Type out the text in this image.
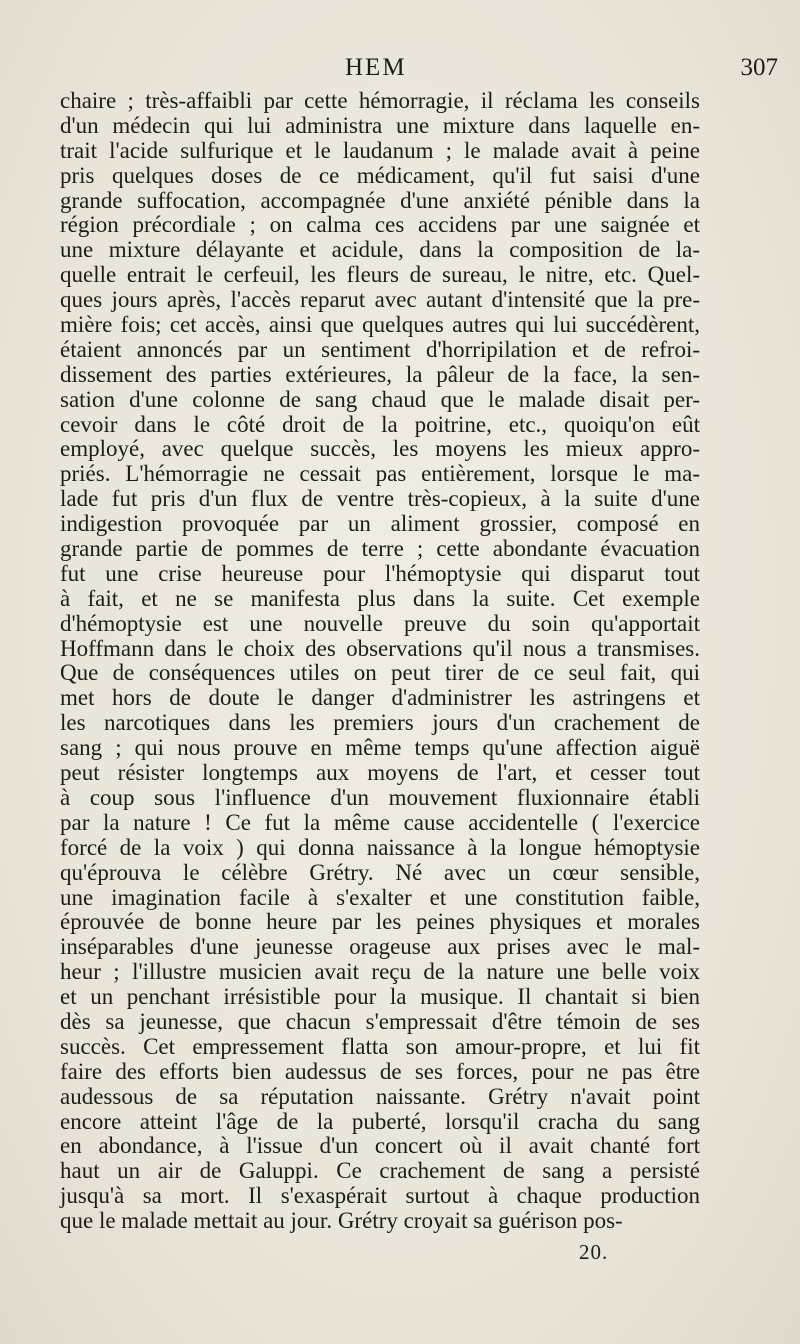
HEM	307
chaire ; très-affaibli par cette hémorragie, il réclama les conseils
d'un médecin qui lui administra une mixture dans laquelle en-
trait l'acide sulfurique et le laudanum ; le malade avait à peine
pris quelques doses de ce médicament, qu'il fut saisi d'une
grande suffocation, accompagnée d'une anxiété pénible dans la
région précordiale ; on calma ces accidens par une saignée et
une mixture délayante et acidule, dans la composition de la-
quelle entrait le cerfeuil, les fleurs de sureau, le nitre, etc. Quel-
ques jours après, l'accès reparut avec autant d'intensité que la pre-
mière fois; cet accès, ainsi que quelques autres qui lui succédèrent,
étaient annoncés par un sentiment d'horripilation et de refroi-
dissement des parties extérieures, la pâleur de la face, la sen-
sation d'une colonne de sang chaud que le malade disait per-
cevoir dans le côté droit de la poitrine, etc., quoiqu'on eût
employé, avec quelque succès, les moyens les mieux appro-
priés. L'hémorragie ne cessait pas entièrement, lorsque le ma-
lade fut pris d'un flux de ventre très-copieux, à la suite d'une
indigestion provoquée par un aliment grossier, composé en
grande partie de pommes de terre ; cette abondante évacuation
fut une crise heureuse pour l'hémoptysie qui disparut tout
à fait, et ne se manifesta plus dans la suite. Cet exemple
d'hémoptysie est une nouvelle preuve du soin qu'apportait
Hoffmann dans le choix des observations qu'il nous a transmises.
Que de conséquences utiles on peut tirer de ce seul fait, qui
met hors de doute le danger d'administrer les astringens et
les narcotiques dans les premiers jours d'un crachement de
sang ; qui nous prouve en même temps qu'une affection aiguë
peut résister longtemps aux moyens de l'art, et cesser tout
à coup sous l'influence d'un mouvement fluxionnaire établi
par la nature ! Ce fut la même cause accidentelle ( l'exercice
forcé de la voix ) qui donna naissance à la longue hémoptysie
qu'éprouva le célèbre Grétry. Né avec un cœur sensible,
une imagination facile à s'exalter et une constitution faible,
éprouvée de bonne heure par les peines physiques et morales
inséparables d'une jeunesse orageuse aux prises avec le mal-
heur ; l'illustre musicien avait reçu de la nature une belle voix
et un penchant irrésistible pour la musique. Il chantait si bien
dès sa jeunesse, que chacun s'empressait d'être témoin de ses
succès. Cet empressement flatta son amour-propre, et lui fit
faire des efforts bien audessus de ses forces, pour ne pas être
audessous de sa réputation naissante. Grétry n'avait point
encore atteint l'âge de la puberté, lorsqu'il cracha du sang
en abondance, à l'issue d'un concert où il avait chanté fort
haut un air de Galuppi. Ce crachement de sang a persisté
jusqu'à sa mort. Il s'exaspérait surtout à chaque production
que le malade mettait au jour. Grétry croyait sa guérison pos-
20.
